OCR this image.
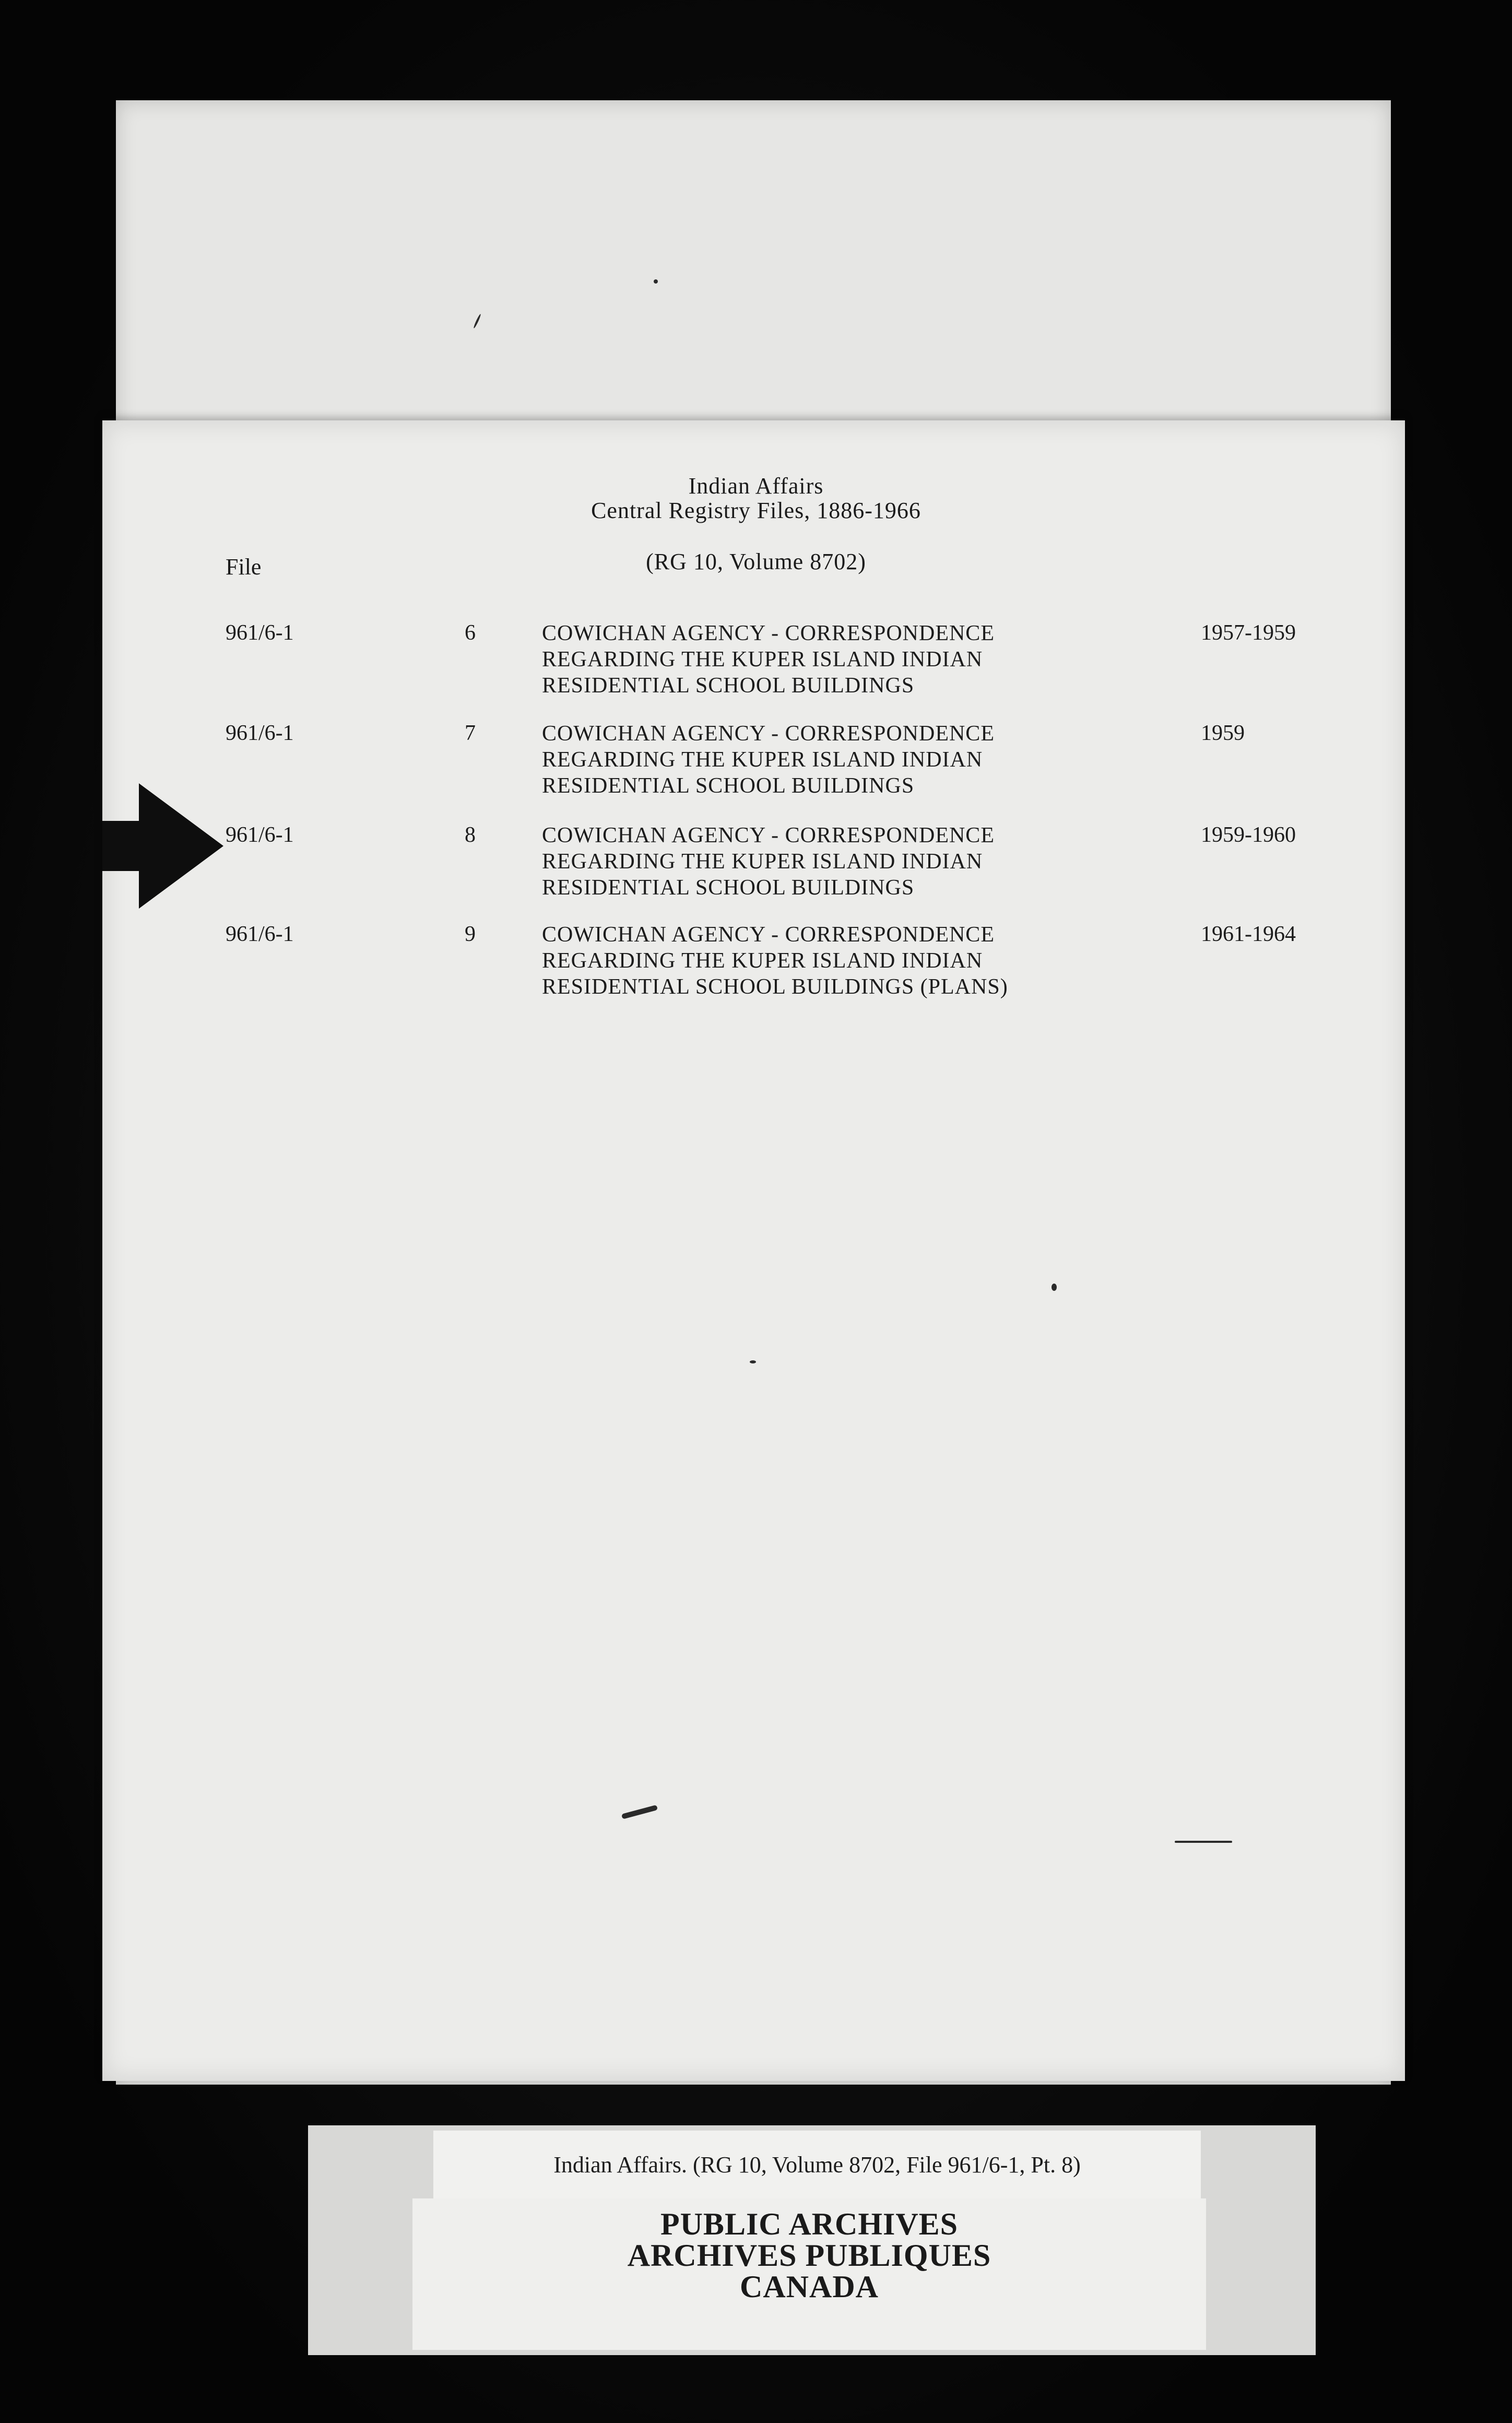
Indian Affairs
Central Registry Files, 1886-1966
(RG 10, Volume 8702)
File
961/6-1	6	COWICHAN AGENCY - CORRESPONDENCE
REGARDING THE KUPER ISLAND INDIAN
RESIDENTIAL SCHOOL BUILDINGS
1957-1959
961/6-1	7	COWICHAN AGENCY - CORRESPONDENCE
REGARDING THE KUPER ISLAND INDIAN
RESIDENTIAL SCHOOL BUILDINGS
1959
961/6-1	8	COWICHAN AGENCY - CORRESPONDENCE
REGARDING THE KUPER ISLAND INDIAN
RESIDENTIAL SCHOOL BUILDINGS
1959-1960
961/6-1	9	COWICHAN AGENCY - CORRESPONDENCE
REGARDING THE KUPER ISLAND INDIAN
RESIDENTIAL SCHOOL BUILDINGS (PLANS)
1961-1964
Indian Affairs. (RG 10, Volume 8702, File 961/6-1, Pt. 8)
PUBLIC ARCHIVES
ARCHIVES PUBLIQUES
CANADA
